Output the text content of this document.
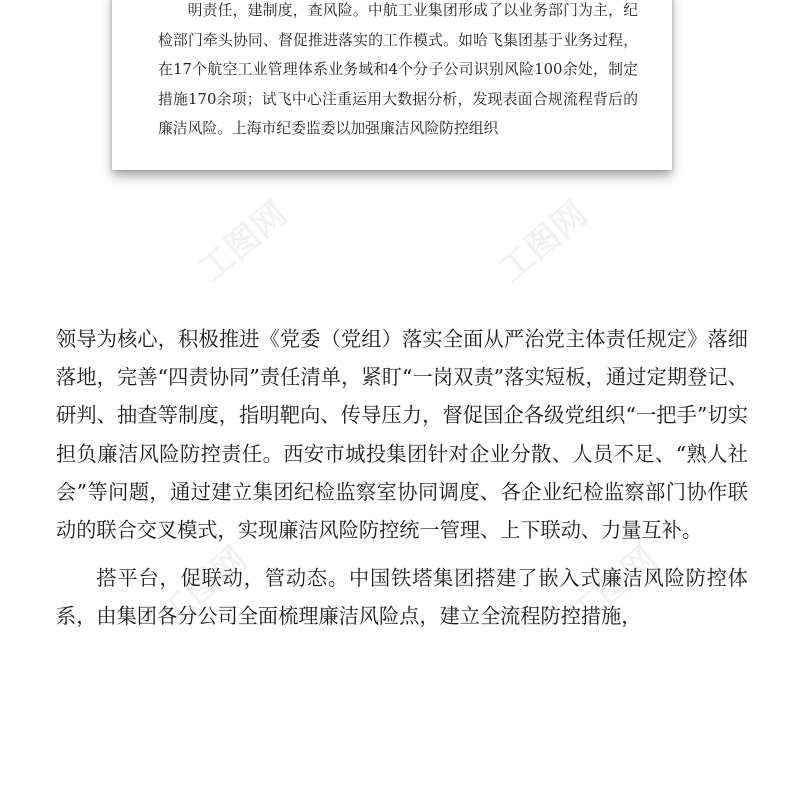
明责任，建制度，查风险。中航工业集团形成了以业务部门为主，纪检部门牵头协同、督促推进落实的工作模式。如哈飞集团基于业务过程，在17个航空工业管理体系业务域和4个分子公司识别风险100余处，制定措施170余项；试飞中心注重运用大数据分析，发现表面合规流程背后的廉洁风险。上海市纪委监委以加强廉洁风险防控组织

工图网	工图网
工图网	工图网

领导为核心，积极推进《党委（党组）落实全面从严治党主体责任规定》落细落地，完善“四责协同”责任清单，紧盯“一岗双责”落实短板，通过定期登记、研判、抽查等制度，指明靶向、传导压力，督促国企各级党组织“一把手”切实担负廉洁风险防控责任。西安市城投集团针对企业分散、人员不足、“熟人社会”等问题，通过建立集团纪检监察室协同调度、各企业纪检监察部门协作联动的联合交叉模式，实现廉洁风险防控统一管理、上下联动、力量互补。

搭平台，促联动，管动态。中国铁塔集团搭建了嵌入式廉洁风险防控体系，由集团各分公司全面梳理廉洁风险点，建立全流程防控措施，
